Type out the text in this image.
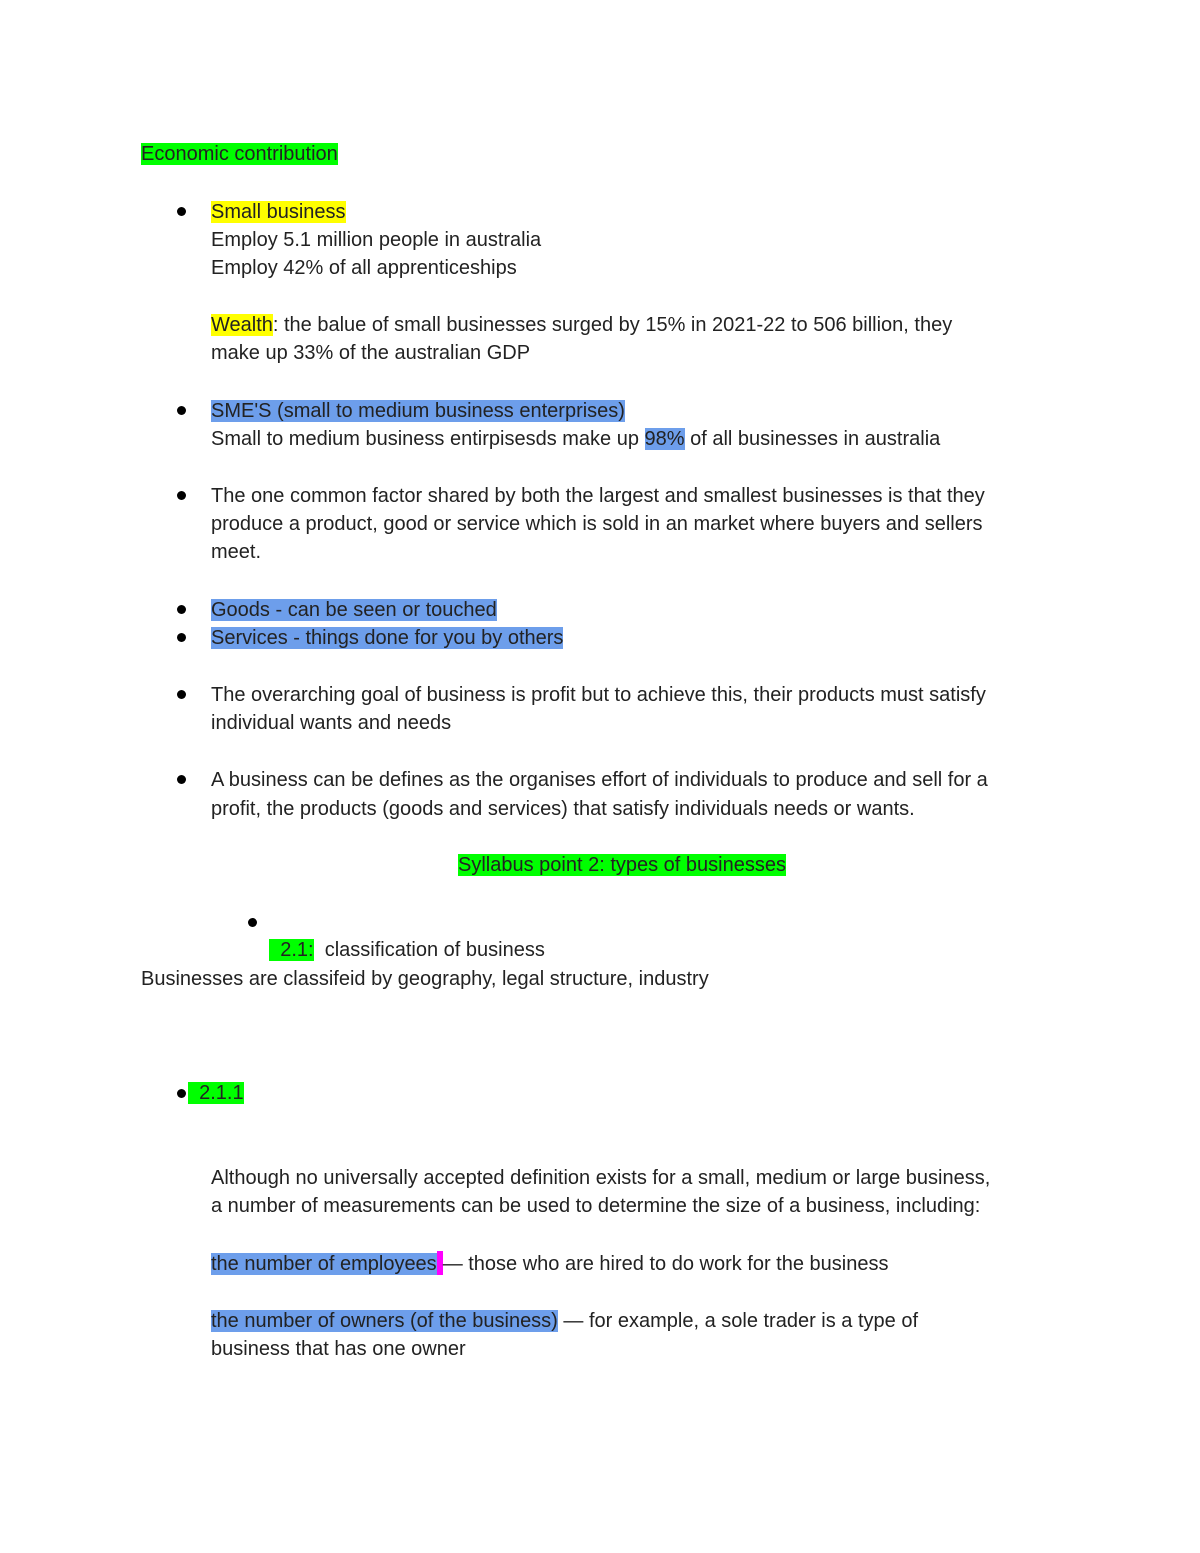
Economic contribution
Small business
Employ 5.1 million people in australia
Employ 42% of all apprenticeships
Wealth: the balue of small businesses surged by 15% in 2021-22 to 506 billion, they
make up 33% of the australian GDP
SME'S (small to medium business enterprises)
Small to medium business entirpisesds make up 98% of all businesses in australia
The one common factor shared by both the largest and smallest businesses is that they
produce a product, good or service which is sold in an market where buyers and sellers
meet.
Goods - can be seen or touched
Services - things done for you by others
The overarching goal of business is profit but to achieve this, their products must satisfy
individual wants and needs
A business can be defines as the organises effort of individuals to produce and sell for a
profit, the products (goods and services) that satisfy individuals needs or wants.
Syllabus point 2: types of businesses

2.1:  classification of business

Businesses are classifeid by geography, legal structure, industry
2.1.1
Although no universally accepted definition exists for a small, medium or large business,
a number of measurements can be used to determine the size of a business, including:
the number of employees — those who are hired to do work for the business
the number of owners (of the business) — for example, a sole trader is a type of
business that has one owner
